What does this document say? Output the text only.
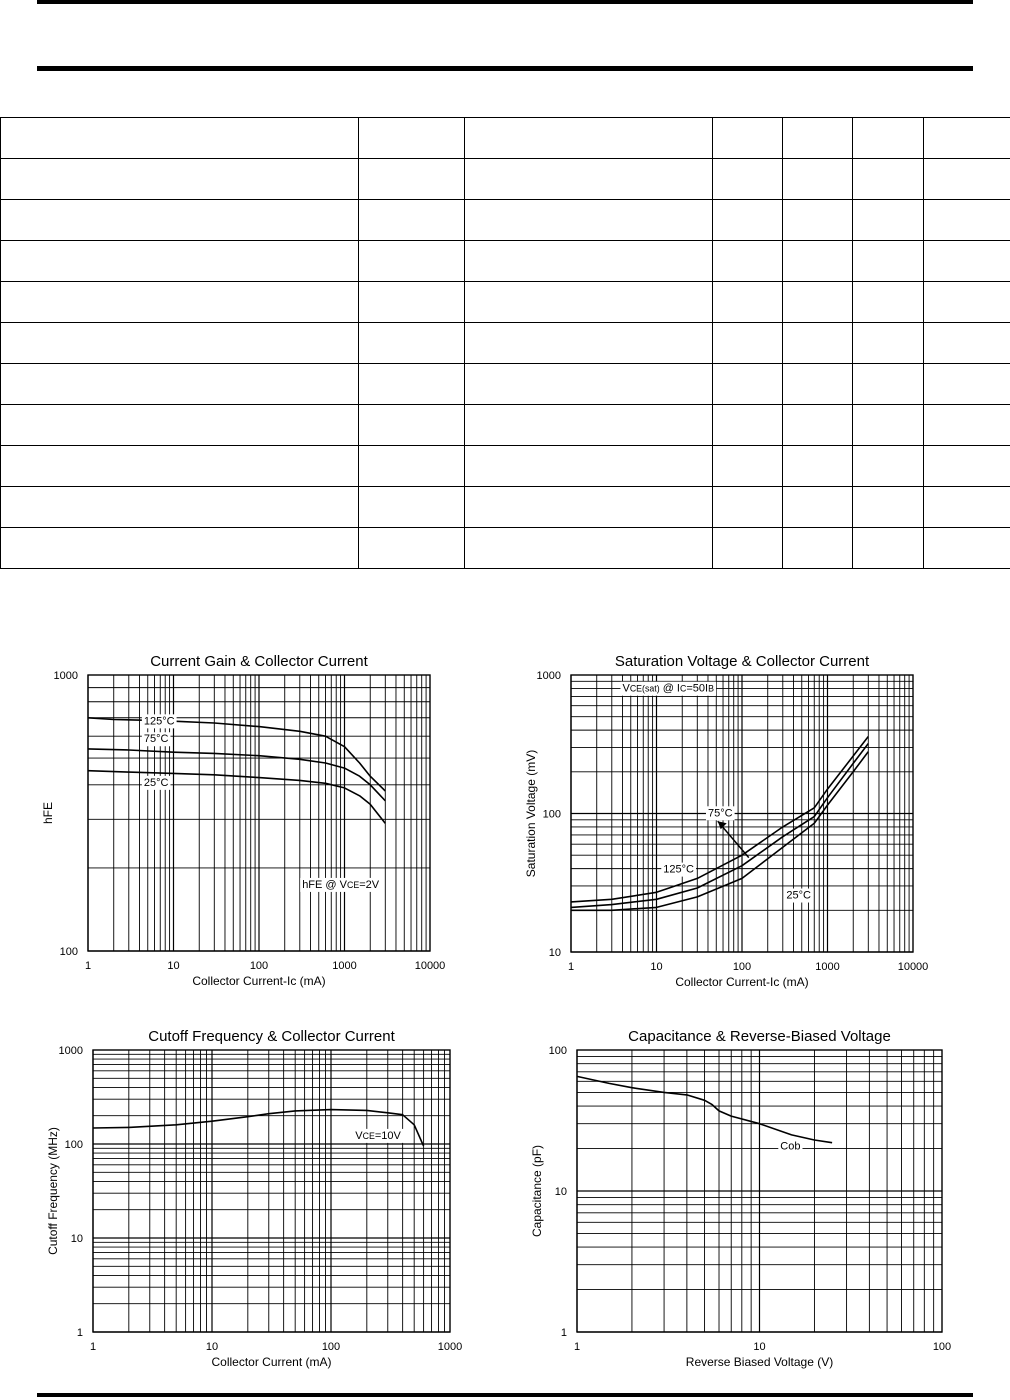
Current Gain & Collector Current
Collector Current-Ic (mA)
hFE
1	10	100	1000	10000
100
1000
125°C
75°C
25°C
hFE @ VCE=2V
Saturation Voltage & Collector Current
Collector Current-Ic (mA)
Saturation Voltage (mV)
1	10	100	1000	10000
10
100
1000
VCE(sat) @ IC=50IB
75°C
125°C
25°C
Cutoff Frequency & Collector Current
Collector Current (mA)
Cutoff Frequency (MHz)
1	10	100	1000
1
10
100
1000
VCE=10V
Capacitance & Reverse-Biased Voltage
Reverse Biased Voltage (V)
Capacitance (pF)
1	10	100
1
10
100
Cob
